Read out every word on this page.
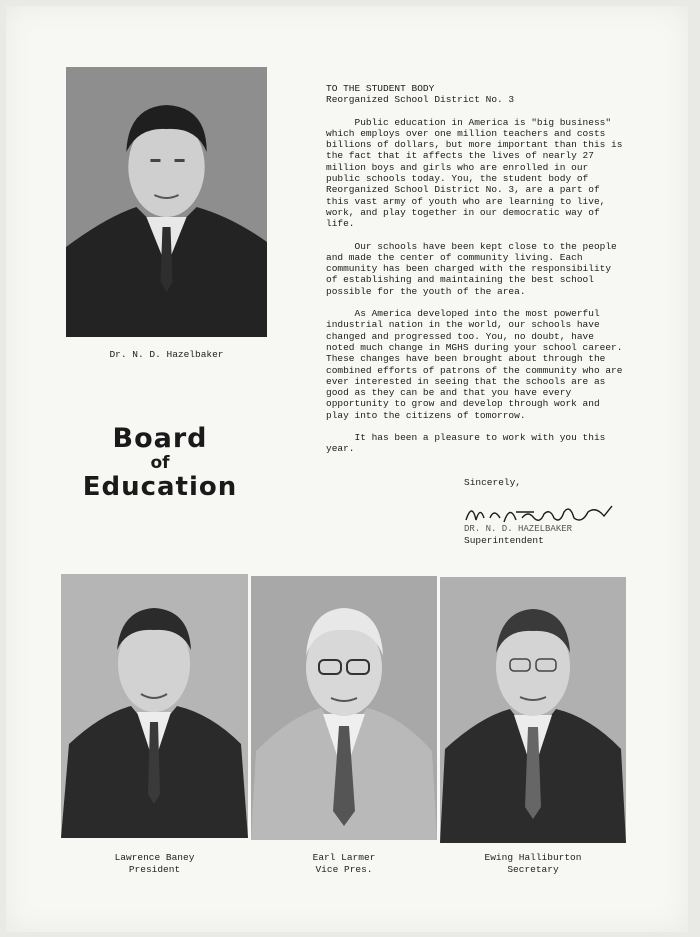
Dr. N. D. Hazelbaker
Board
of
Education

TO THE STUDENT BODY

Reorganized School District No. 3

Public education in America is "big business" which employs over one million teachers and costs billions of dollars, but more important than this is the fact that it affects the lives of nearly 27 million boys and girls who are enrolled in our public schools today. You, the student body of Reorganized School District No. 3, are a part of this vast army of youth who are learning to live, work, and play together in our democratic way of life.

Our schools have been kept close to the people and made the center of community living. Each community has been charged with the responsibility of establishing and maintaining the best school possible for the youth of the area.

As America developed into the most powerful industrial nation in the world, our schools have changed and progressed too. You, no doubt, have noted much change in MGHS during your school career. These changes have been brought about through the combined efforts of patrons of the community who are ever interested in seeing that the schools are as good as they can be and that you have every opportunity to grow and develop through work and play into the citizens of tomorrow.

It has been a pleasure to work with you this year.

Sincerely,
DR. N. D. HAZELBAKER
Superintendent
Lawrence Baney
President
Earl Larmer
Vice Pres.
Ewing Halliburton
Secretary
